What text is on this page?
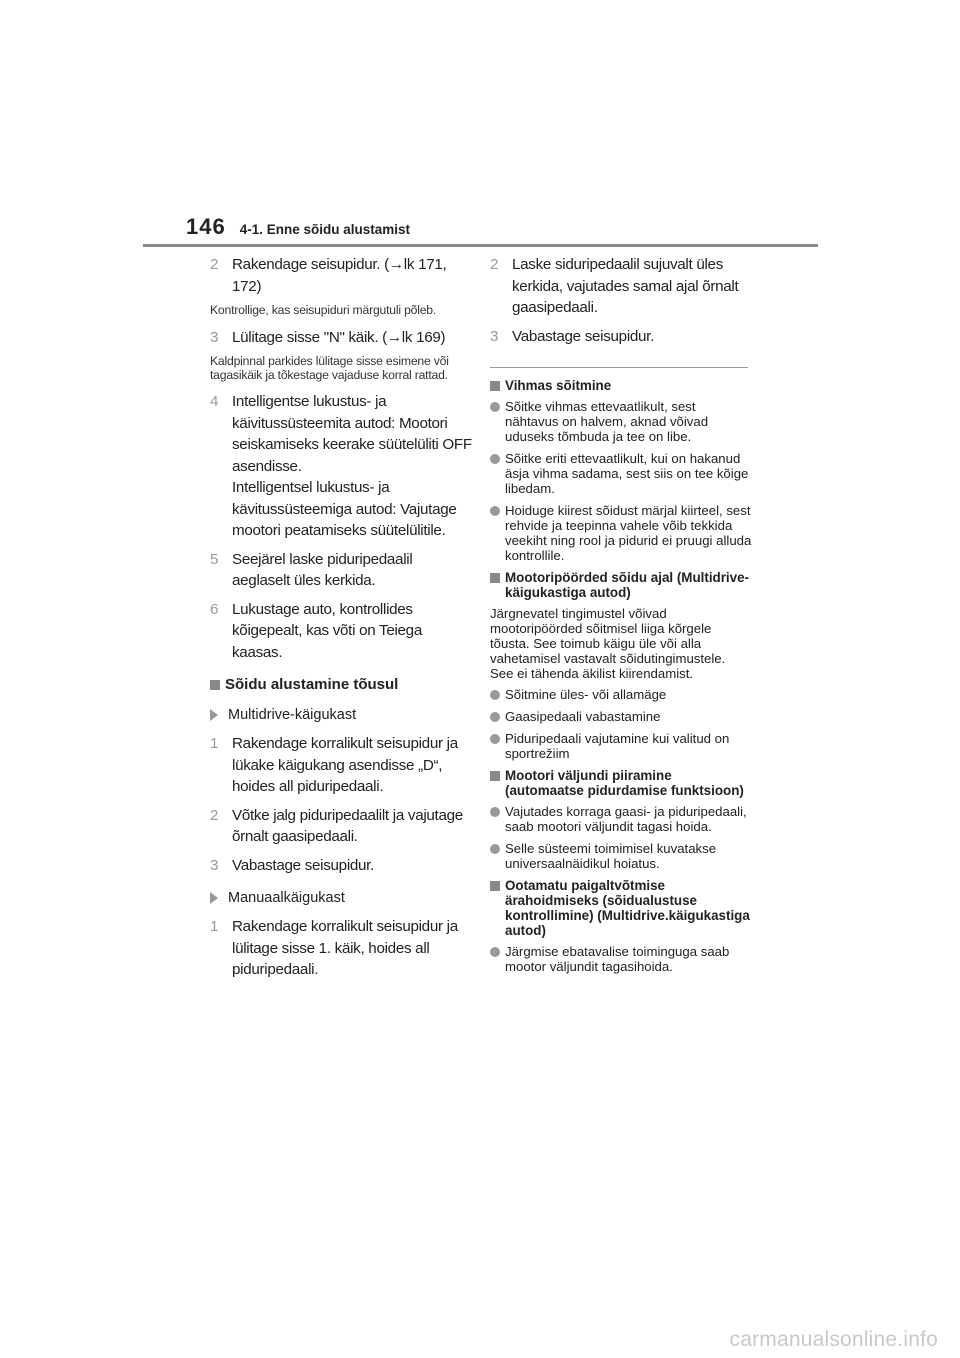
146 4-1. Enne sõidu alustamist
2 Rakendage seisupidur. (→lk 171, 172)
Kontrollige, kas seisupiduri märgutuli põleb.
3 Lülitage sisse "N" käik. (→lk 169)
Kaldpinnal parkides lülitage sisse esimene või tagasikäik ja tõkestage vajaduse korral rattad.
4 Intelligentse lukustus- ja käivitussüsteemita autod: Mootori seiskamiseks keerake süütelüliti OFF asendisse.
Intelligentsel lukustus- ja kävitussüsteemiga autod: Vajutage mootori peatamiseks süütelülitile.
5 Seejärel laske piduripedaalil aeglaselt üles kerkida.
6 Lukustage auto, kontrollides kõigepealt, kas võti on Teiega kaasas.
Sõidu alustamine tõusul
Multidrive-käigukast
1 Rakendage korralikult seisupidur ja lükake käigukang asendisse „D“, hoides all piduripedaali.
2 Võtke jalg piduripedaalilt ja vajutage õrnalt gaasipedaali.
3 Vabastage seisupidur.
Manuaalkäigukast
1 Rakendage korralikult seisupidur ja lülitage sisse 1. käik, hoides all piduripedaali.
2 Laske siduripedaalil sujuvalt üles kerkida, vajutades samal ajal õrnalt gaasipedaali.
3 Vabastage seisupidur.
Vihmas sõitmine
Sõitke vihmas ettevaatlikult, sest nähtavus on halvem, aknad võivad uduseks tõmbuda ja tee on libe.
Sõitke eriti ettevaatlikult, kui on hakanud äsja vihma sadama, sest siis on tee kõige libedam.
Hoiduge kiirest sõidust märjal kiirteel, sest rehvide ja teepinna vahele võib tekkida veekiht ning rool ja pidurid ei pruugi alluda kontrollile.
Mootoripöörded sõidu ajal (Multidrive-käigukastiga autod)
Järgnevatel tingimustel võivad mootoripöörded sõitmisel liiga kõrgele tõusta. See toimub käigu üle või alla vahetamisel vastavalt sõidutingimustele. See ei tähenda äkilist kiirendamist.
Sõitmine üles- või allamäge
Gaasipedaali vabastamine
Piduripedaali vajutamine kui valitud on sportrežiim
Mootori väljundi piiramine (automaatse pidurdamise funktsioon)
Vajutades korraga gaasi- ja piduripedaali, saab mootori väljundit tagasi hoida.
Selle süsteemi toimimisel kuvatakse universaalnäidikul hoiatus.
Ootamatu paigaltvõtmise ärahoidmiseks (sõidualustuse kontrollimine) (Multidrive.käigukastiga autod)
Järgmise ebatavalise toiminguga saab mootor väljundit tagasihoida.
carmanualsonline.info
